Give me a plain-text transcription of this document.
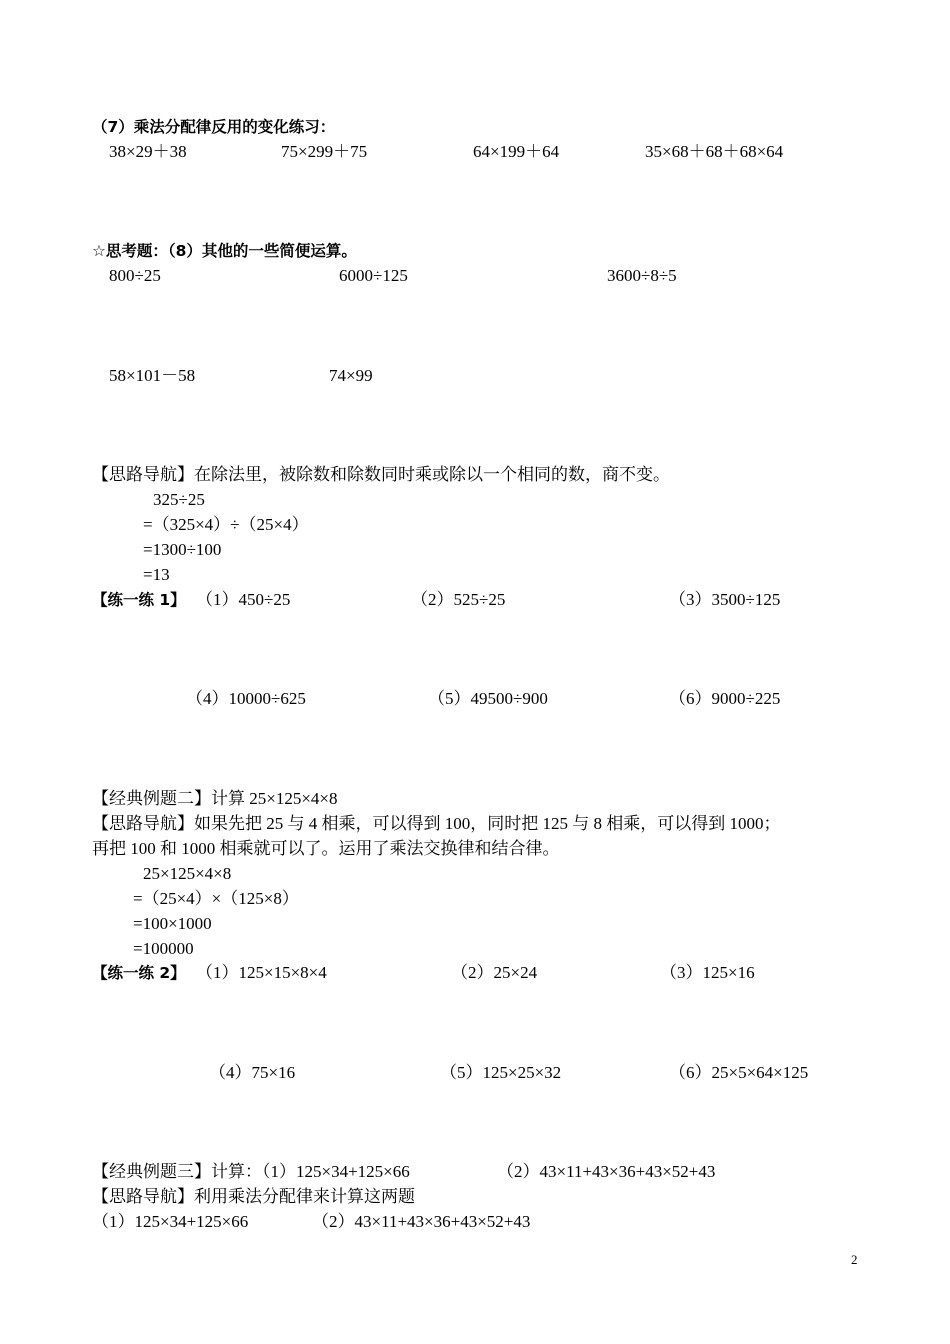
（7）乘法分配律反用的变化练习：
38×29＋38	75×299＋75	64×199＋64	35×68＋68＋68×64
☆思考题：（8）其他的一些简便运算。
800÷25	6000÷125	3600÷8÷5
58×101－58	74×99
【思路导航】在除法里，被除数和除数同时乘或除以一个相同的数，商不变。
325÷25
=（325×4）÷（25×4）
=1300÷100
=13
【练一练 1】 （1）450÷25	（2）525÷25	（3）3500÷125
（4）10000÷625	（5）49500÷900	（6）9000÷225
【经典例题二】计算 25×125×4×8
【思路导航】如果先把 25 与 4 相乘，可以得到 100，同时把 125 与 8 相乘，可以得到 1000；
再把 100 和 1000 相乘就可以了。运用了乘法交换律和结合律。
25×125×4×8
=（25×4）×（125×8）
=100×1000
=100000
【练一练 2】 （1）125×15×8×4	（2）25×24	（3）125×16
（4）75×16	（5）125×25×32	（6）25×5×64×125
【经典例题三】计算：（1）125×34+125×66	（2）43×11+43×36+43×52+43
【思路导航】利用乘法分配律来计算这两题
（1）125×34+125×66	（2）43×11+43×36+43×52+43
2
